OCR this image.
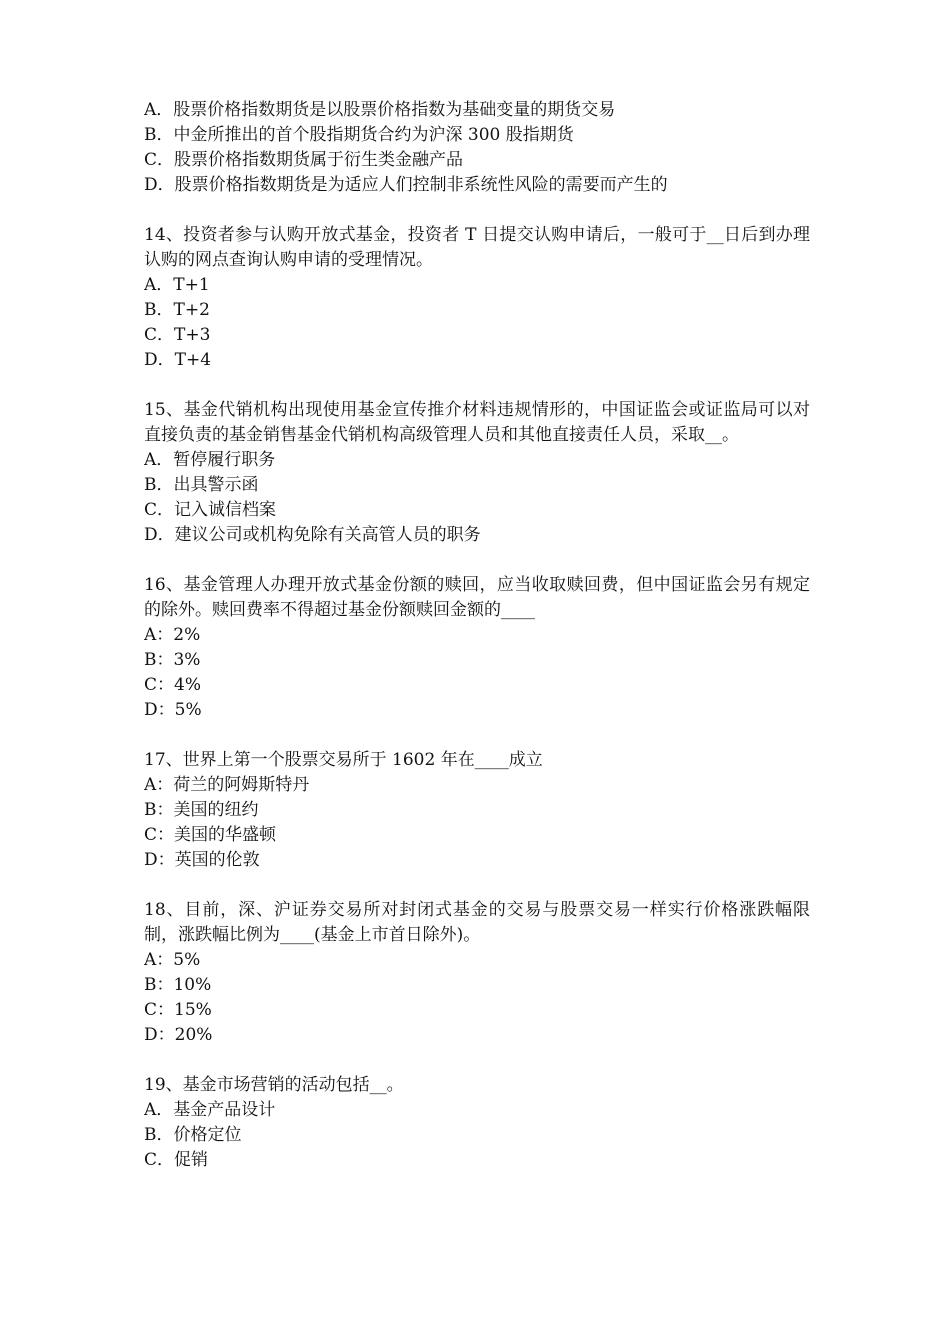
A．股票价格指数期货是以股票价格指数为基础变量的期货交易
B．中金所推出的首个股指期货合约为沪深 300 股指期货
C．股票价格指数期货属于衍生类金融产品
D．股票价格指数期货是为适应人们控制非系统性风险的需要而产生的
14、投资者参与认购开放式基金，投资者 T 日提交认购申请后，一般可于__日后到办理认购的网点查询认购申请的受理情况。
A．T+1
B．T+2
C．T+3
D．T+4
15、基金代销机构出现使用基金宣传推介材料违规情形的，中国证监会或证监局可以对直接负责的基金销售基金代销机构高级管理人员和其他直接责任人员，采取__。
A．暂停履行职务
B．出具警示函
C．记入诚信档案
D．建议公司或机构免除有关高管人员的职务
16、基金管理人办理开放式基金份额的赎回，应当收取赎回费，但中国证监会另有规定的除外。赎回费率不得超过基金份额赎回金额的____
A：2%
B：3%
C：4%
D：5%
17、世界上第一个股票交易所于 1602 年在____成立
A：荷兰的阿姆斯特丹
B：美国的纽约
C：美国的华盛顿
D：英国的伦敦
18、目前，深、沪证券交易所对封闭式基金的交易与股票交易一样实行价格涨跌幅限制，涨跌幅比例为____(基金上市首日除外)。
A：5%
B：10%
C：15%
D：20%
19、基金市场营销的活动包括__。
A．基金产品设计
B．价格定位
C．促销
